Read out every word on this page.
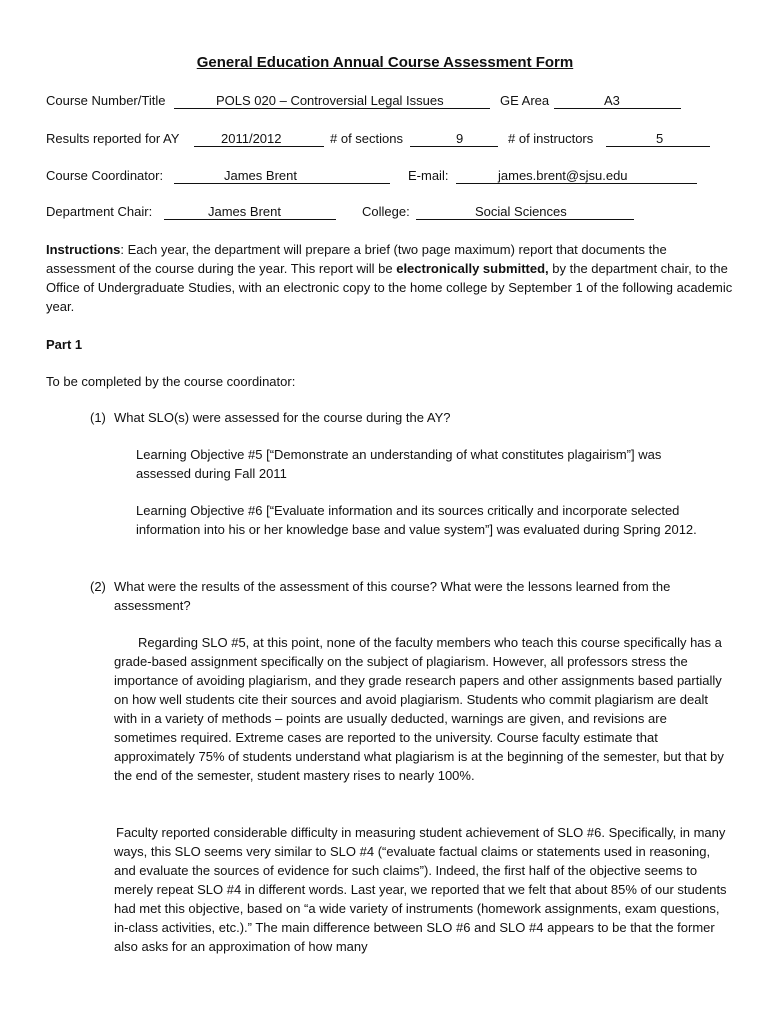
General Education Annual Course Assessment Form
Course Number/Title	POLS 020 – Controversial Legal Issues	GE Area	A3
Results reported for AY	2011/2012	# of sections	9	# of instructors	5
Course Coordinator:	James Brent	E-mail:	james.brent@sjsu.edu
Department Chair:	James Brent	College:	Social Sciences
Instructions: Each year, the department will prepare a brief (two page maximum) report that documents the assessment of the course during the year. This report will be electronically submitted, by the department chair, to the Office of Undergraduate Studies, with an electronic copy to the home college by September 1 of the following academic year.
Part 1
To be completed by the course coordinator:
(1) What SLO(s) were assessed for the course during the AY?
Learning Objective #5 [“Demonstrate an understanding of what constitutes plagairism”] was assessed during Fall 2011
Learning Objective #6 [“Evaluate information and its sources critically and incorporate selected information into his or her knowledge base and value system”] was evaluated during Spring 2012.
(2) What were the results of the assessment of this course? What were the lessons learned from the assessment?
Regarding SLO #5, at this point, none of the faculty members who teach this course specifically has a grade-based assignment specifically on the subject of plagiarism. However, all professors stress the importance of avoiding plagiarism, and they grade research papers and other assignments based partially on how well students cite their sources and avoid plagiarism. Students who commit plagiarism are dealt with in a variety of methods – points are usually deducted, warnings are given, and revisions are sometimes required. Extreme cases are reported to the university. Course faculty estimate that approximately 75% of students understand what plagiarism is at the beginning of the semester, but that by the end of the semester, student mastery rises to nearly 100%.
Faculty reported considerable difficulty in measuring student achievement of SLO #6. Specifically, in many ways, this SLO seems very similar to SLO #4 (“evaluate factual claims or statements used in reasoning, and evaluate the sources of evidence for such claims”). Indeed, the first half of the objective seems to merely repeat SLO #4 in different words. Last year, we reported that we felt that about 85% of our students had met this objective, based on “a wide variety of instruments (homework assignments, exam questions, in-class activities, etc.).” The main difference between SLO #6 and SLO #4 appears to be that the former also asks for an approximation of how many
